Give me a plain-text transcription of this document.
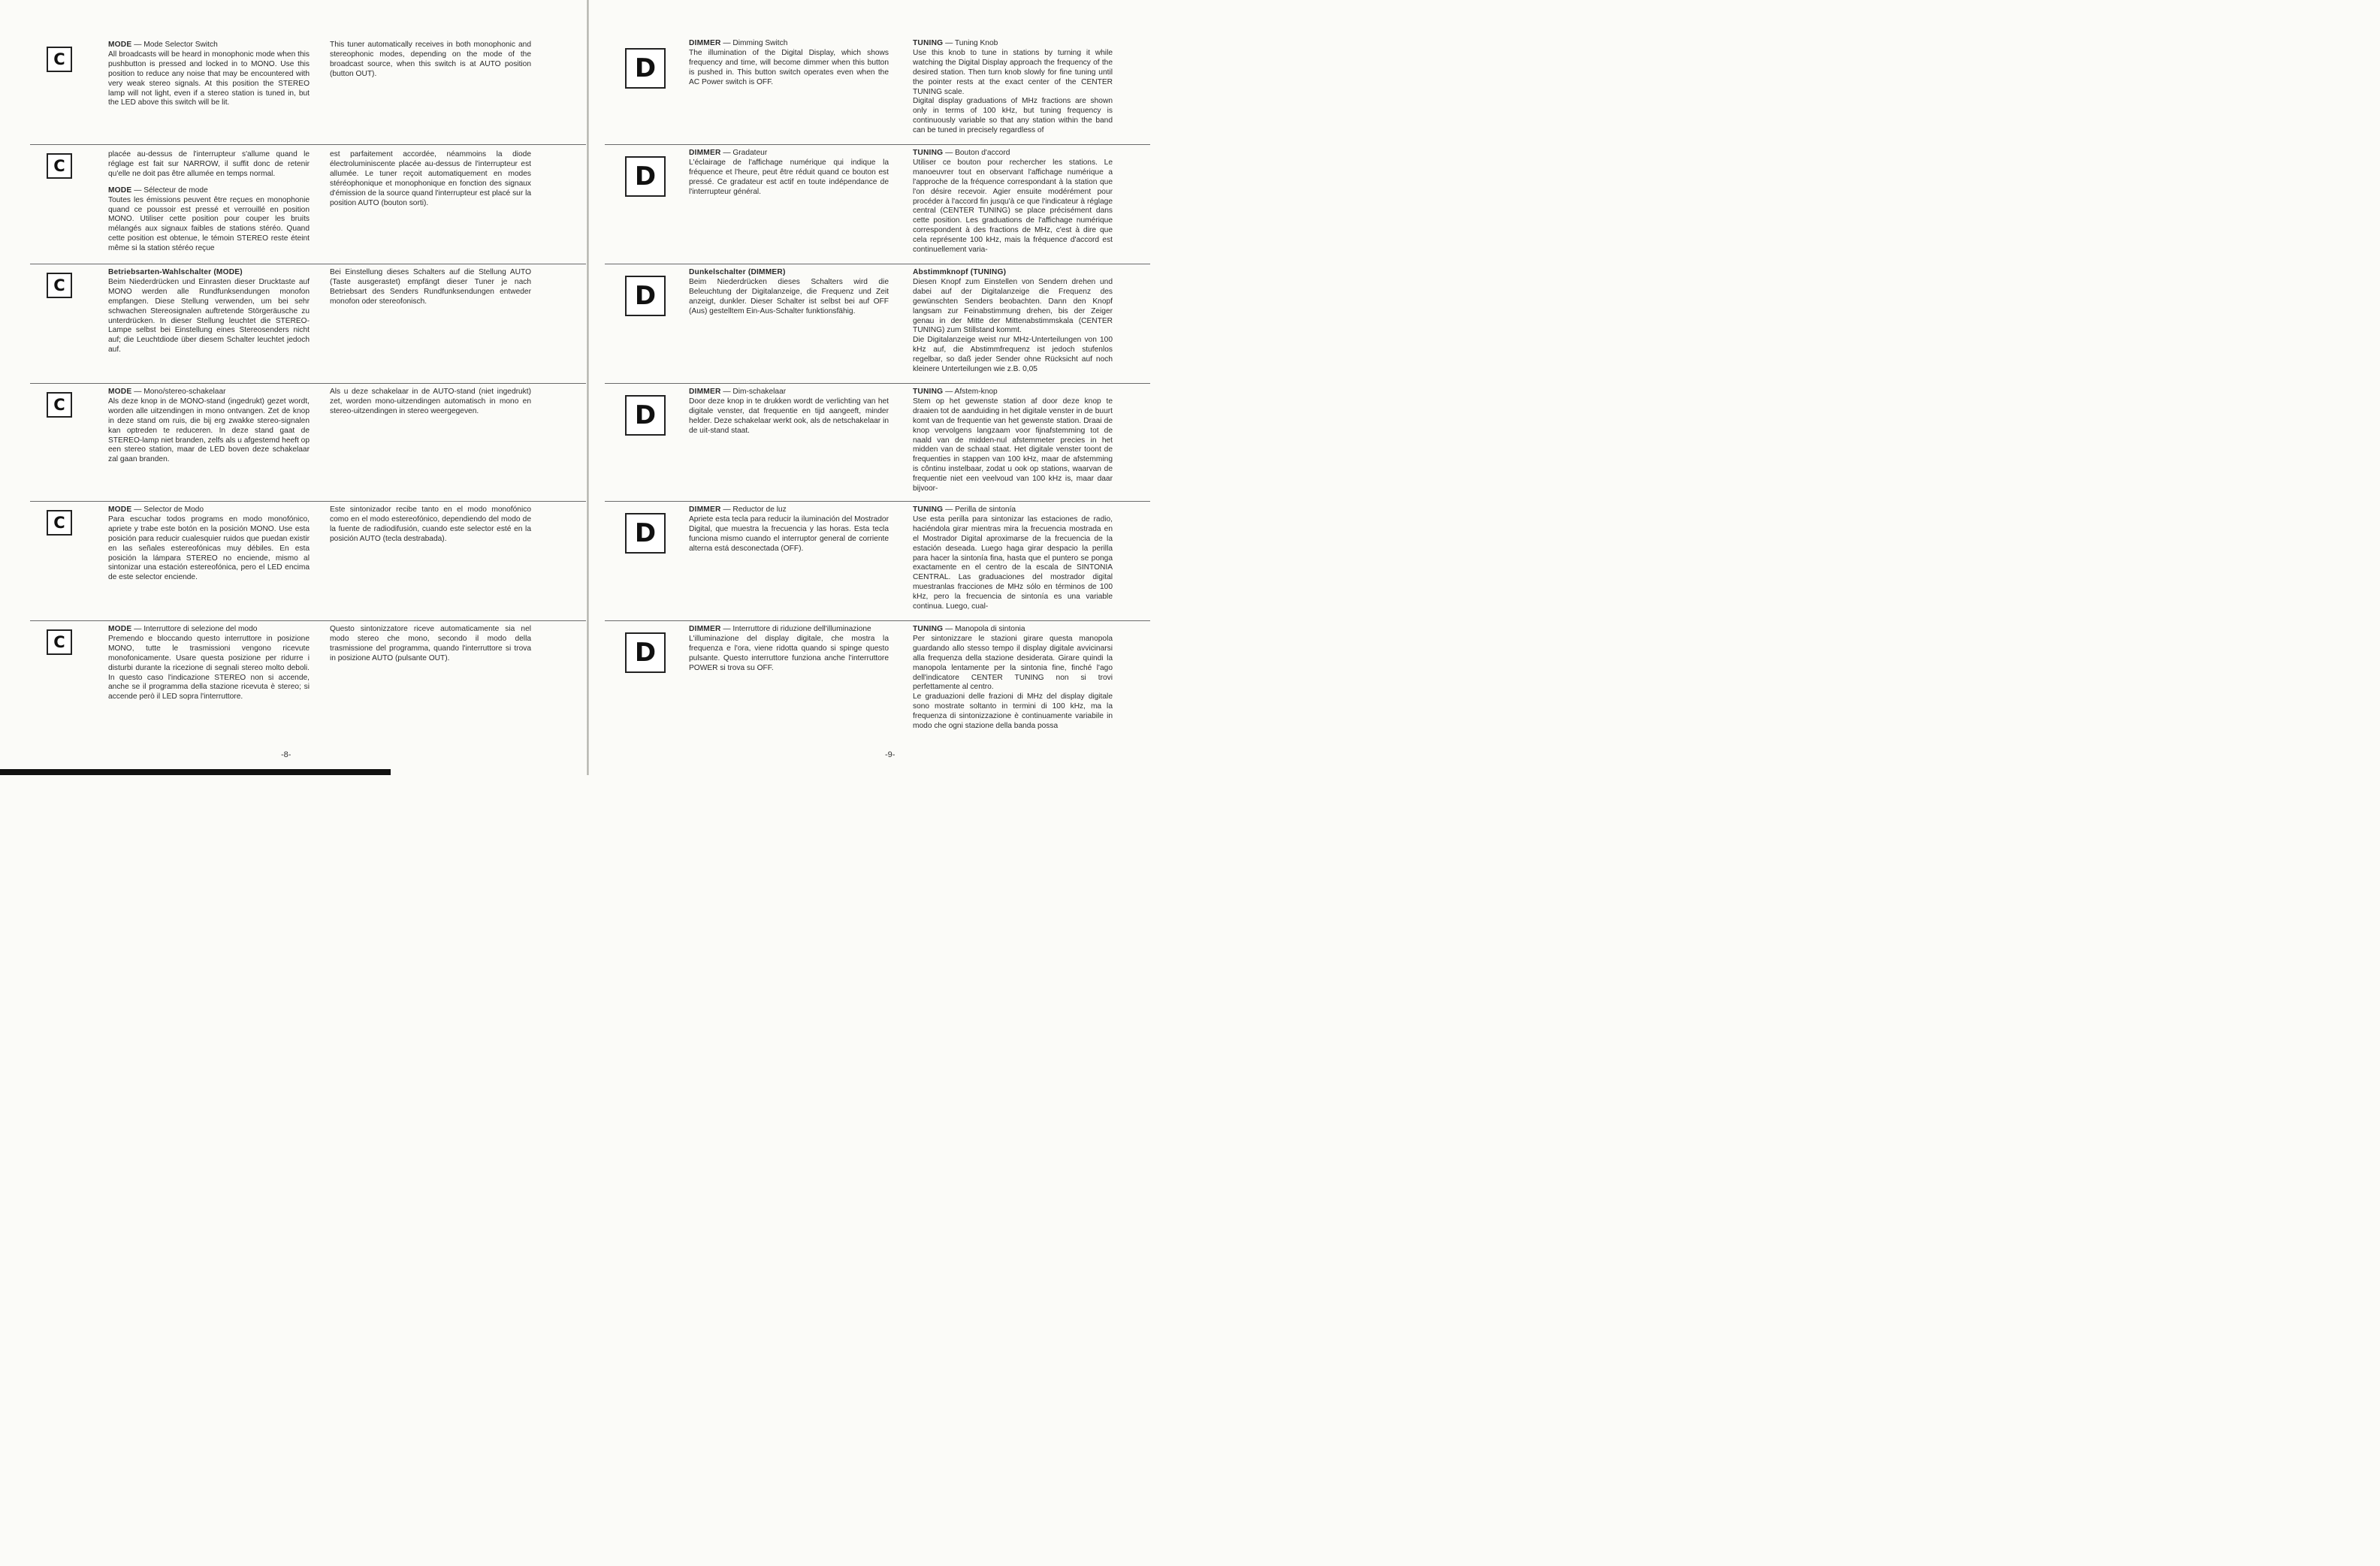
C

MODE — Mode Selector Switch
All broadcasts will be heard in monophonic mode when this pushbutton is pressed and locked in to MONO. Use this position to reduce any noise that may be encountered with very weak stereo signals. At this position the STEREO lamp will not light, even if a stereo station is tuned in, but the LED above this switch will be lit.

This tuner automatically receives in both monophonic and stereophonic modes, depending on the mode of the broadcast source, when this switch is at AUTO position (button OUT).

C

placée au-dessus de l'interrupteur s'allume quand le réglage est fait sur NARROW, il suffit donc de retenir qu'elle ne doit pas être allumée en temps normal.

MODE — Sélecteur de mode
Toutes les émissions peuvent être reçues en monophonie quand ce poussoir est pressé et verrouillé en position MONO. Utiliser cette position pour couper les bruits mélangés aux signaux faibles de stations stéréo. Quand cette position est obtenue, le témoin STEREO reste éteint même si la station stéréo reçue

est parfaitement accordée, néammoins la diode électroluminiscente placée au-dessus de l'interrupteur est allumée. Le tuner reçoit automatiquement en modes stéréophonique et monophonique en fonction des signaux d'émission de la source quand l'interrupteur est placé sur la position AUTO (bouton sorti).

C

Betriebsarten-Wahlschalter (MODE)
Beim Niederdrücken und Einrasten dieser Drucktaste auf MONO werden alle Rundfunksendungen monofon empfangen. Diese Stellung verwenden, um bei sehr schwachen Stereosignalen auftretende Störgeräusche zu unterdrücken. In dieser Stellung leuchtet die STEREO-Lampe selbst bei Einstellung eines Stereosenders nicht auf; die Leuchtdiode über diesem Schalter leuchtet jedoch auf.

Bei Einstellung dieses Schalters auf die Stellung AUTO (Taste ausgerastet) empfängt dieser Tuner je nach Betriebsart des Senders Rundfunksendungen entweder monofon oder stereofonisch.

C

MODE — Mono/stereo-schakelaar
Als deze knop in de MONO-stand (ingedrukt) gezet wordt, worden alle uitzendingen in mono ontvangen. Zet de knop in deze stand om ruis, die bij erg zwakke stereo-signalen kan optreden te reduceren. In deze stand gaat de STEREO-lamp niet branden, zelfs als u afgestemd heeft op een stereo station, maar de LED boven deze schakelaar zal gaan branden.

Als u deze schakelaar in de AUTO-stand (niet ingedrukt) zet, worden mono-uitzendingen automatisch in mono en stereo-uitzendingen in stereo weergegeven.

C

MODE — Selector de Modo
Para escuchar todos programs en modo monofónico, apriete y trabe este botón en la posición MONO. Use esta posición para reducir cualesquier ruidos que puedan existir en las señales estereofónicas muy débiles. En esta posición la lámpara STEREO no enciende, mismo al sintonizar una estación estereofónica, pero el LED encima de este selector enciende.

Este sintonizador recibe tanto en el modo monofónico como en el modo estereofónico, dependiendo del modo de la fuente de radiodifusión, cuando este selector esté en la posición AUTO (tecla destrabada).

C

MODE — Interruttore di selezione del modo
Premendo e bloccando questo interruttore in posizione MONO, tutte le trasmissioni vengono ricevute monofonicamente. Usare questa posizione per ridurre i disturbi durante la ricezione di segnali stereo molto deboli. In questo caso l'indicazione STEREO non si accende, anche se il programma della stazione ricevuta è stereo; si accende però il LED sopra l'interruttore.

Questo sintonizzatore riceve automaticamente sia nel modo stereo che mono, secondo il modo della trasmissione del programma, quando l'interruttore si trova in posizione AUTO (pulsante OUT).

-8-
D

DIMMER — Dimming Switch
The illumination of the Digital Display, which shows frequency and time, will become dimmer when this button is pushed in. This button switch operates even when the AC Power switch is OFF.

TUNING — Tuning Knob
Use this knob to tune in stations by turning it while watching the Digital Display approach the frequency of the desired station. Then turn knob slowly for fine tuning until the pointer rests at the exact center of the CENTER TUNING scale.

Digital display graduations of MHz fractions are shown only in terms of 100 kHz, but tuning frequency is continuously variable so that any station within the band can be tuned in precisely regardless of

D

DIMMER — Gradateur
L'éclairage de l'affichage numérique qui indique la fréquence et l'heure, peut être réduit quand ce bouton est pressé. Ce gradateur est actif en toute indépendance de l'interrupteur général.

TUNING — Bouton d'accord
Utiliser ce bouton pour rechercher les stations. Le manoeuvrer tout en observant l'affichage numérique a l'approche de la fréquence correspondant à la station que l'on désire recevoir. Agier ensuite modérément pour procéder à l'accord fin jusqu'à ce que l'indicateur à réglage central (CENTER TUNING) se place précisément dans cette position. Les graduations de l'affichage numérique correspondent à des fractions de MHz, c'est à dire que cela représente 100 kHz, mais la fréquence d'accord est continuellement varia-

D

Dunkelschalter (DIMMER)
Beim Niederdrücken dieses Schalters wird die Beleuchtung der Digitalanzeige, die Frequenz und Zeit anzeigt, dunkler. Dieser Schalter ist selbst bei auf OFF (Aus) gestelltem Ein-Aus-Schalter funktionsfähig.

Abstimmknopf (TUNING)
Diesen Knopf zum Einstellen von Sendern drehen und dabei auf der Digitalanzeige die Frequenz des gewünschten Senders beobachten. Dann den Knopf langsam zur Feinabstimmung drehen, bis der Zeiger genau in der Mitte der Mittenabstimmskala (CENTER TUNING) zum Stillstand kommt.

Die Digitalanzeige weist nur MHz-Unterteilungen von 100 kHz auf, die Abstimmfrequenz ist jedoch stufenlos regelbar, so daß jeder Sender ohne Rücksicht auf noch kleinere Unterteilungen wie z.B. 0,05

D

DIMMER — Dim-schakelaar
Door deze knop in te drukken wordt de verlichting van het digitale venster, dat frequentie en tijd aangeeft, minder helder. Deze schakelaar werkt ook, als de netschakelaar in de uit-stand staat.

TUNING — Afstem-knop
Stem op het gewenste station af door deze knop te draaien tot de aanduiding in het digitale venster in de buurt komt van de frequentie van het gewenste station. Draai de knop vervolgens langzaam voor fijnafstemming tot de naald van de midden-nul afstemmeter precies in het midden van de schaal staat. Het digitale venster toont de frequenties in stappen van 100 kHz, maar de afstemming is côntinu instelbaar, zodat u ook op stations, waarvan de frequentie niet een veelvoud van 100 kHz is, maar daar bijvoor-

D

DIMMER — Reductor de luz
Apriete esta tecla para reducir la iluminación del Mostrador Digital, que muestra la frecuencia y las horas. Esta tecla funciona mismo cuando el interruptor general de corriente alterna está desconectada (OFF).

TUNING — Perilla de sintonía
Use esta perilla para sintonizar las estaciones de radio, haciéndola girar mientras mira la frecuencia mostrada en el Mostrador Digital aproximarse de la frecuencia de la estación deseada. Luego haga girar despacio la perilla para hacer la sintonía fina, hasta que el puntero se ponga exactamente en el centro de la escala de SINTONIA CENTRAL. Las graduaciones del mostrador digital muestranlas fracciones de MHz sólo en términos de 100 kHz, pero la frecuencia de sintonía es una variable continua. Luego, cual-

D

DIMMER — Interruttore di riduzione dell'illuminazione
L'illuminazione del display digitale, che mostra la frequenza e l'ora, viene ridotta quando si spinge questo pulsante. Questo interruttore funziona anche l'interruttore POWER si trova su OFF.

TUNING — Manopola di sintonia
Per sintonizzare le stazioni girare questa manopola guardando allo stesso tempo il display digitale avvicinarsi alla frequenza della stazione desiderata. Girare quindi la manopola lentamente per la sintonia fine, finché l'ago dell'indicatore CENTER TUNING non si trovi perfettamente al centro.

Le graduazioni delle frazioni di MHz del display digitale sono mostrate soltanto in termini di 100 kHz, ma la frequenza di sintonizzazione è continuamente variabile in modo che ogni stazione della banda possa

-9-
